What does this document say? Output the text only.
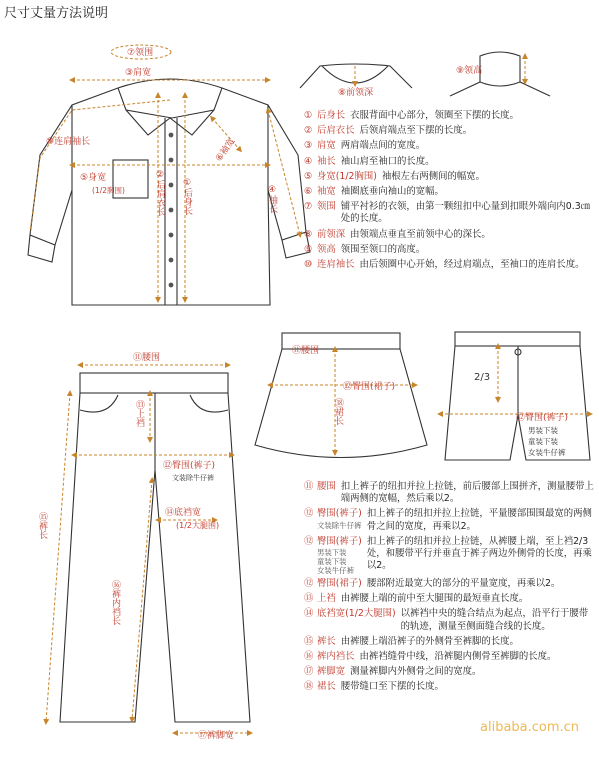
尺寸丈量方法说明
⑦领围
③肩宽
⑩连肩袖长
⑤身宽
(1/2胸围)
⑥袖宽
②后肩衣长 ①后身长	④袖长
⑧前领深
⑨领高
⑪腰围
⑫臀围(裤子)
文装除牛仔裤
⑭底裆宽
(1/2大腿围)
⑰裤脚宽
⑬上裆
⑮裤长
⑯裤内裆长
⑪腰围
⑫臀围(裙子)
⑱裙长
2/3
⑫臀围(裤子)
男装下装
童装下装
女装牛仔裤
① 后身长 衣服背面中心部分，领圈至下摆的长度。
② 后肩衣长 后领肩端点至下摆的长度。
③ 肩宽 两肩端点间的宽度。
④ 袖长 袖山肩至袖口的长度。
⑤ 身宽(1/2胸围) 袖根左右两侧间的幅宽。
⑥ 袖宽 袖圈底垂向袖山的宽幅。
⑦ 领围 铺平衬衫的衣领，由第一颗纽扣中心量到扣眼外端向内0.3㎝处的长度。
⑧ 前领深 由领端点垂直至前领中心的深长。
⑨ 领高 领围至领口的高度。
⑩ 连肩袖长 由后领圈中心开始，经过肩端点，至袖口的连肩长度。
⑪ 腰围 扣上裤子的纽扣并拉上拉链，前后腰部上围拼齐，测量腰带上端两侧的宽幅，然后乘以2。
⑫ 臀围(裤子)
文装除牛仔裤
扣上裤子的纽扣并拉上拉链，平量腰部围围最宽的两侧骨之间的宽度，再乘以2。
⑫ 臀围(裤子)
男装下装
童装下装
女装牛仔裤
扣上裤子的纽扣并拉上拉链，从裤腰上端，至上裆2/3处，和腰带平行并垂直于裤子两边外侧骨的长度，再乘以2。
⑫ 臀围(裙子) 腰部附近最宽大的部分的平量宽度，再乘以2。
⑬ 上裆 由裤腰上端的前中至大腿围的最短垂直长度。
⑭ 底裆宽(1/2大腿围) 以裤裆中央的缝合结点为起点，沿平行于腰带的轨迹，测量至侧面缝合线的长度。
⑮ 裤长 由裤腰上端沿裤子的外侧骨至裤脚的长度。
⑯ 裤内裆长 由裤裆缝骨中线，沿裤腿内侧骨至裤脚的长度。
⑰ 裤脚宽 测量裤脚内外侧骨之间的宽度。
⑱ 裙长 腰带缝口至下摆的长度。
alibaba.com.cn
